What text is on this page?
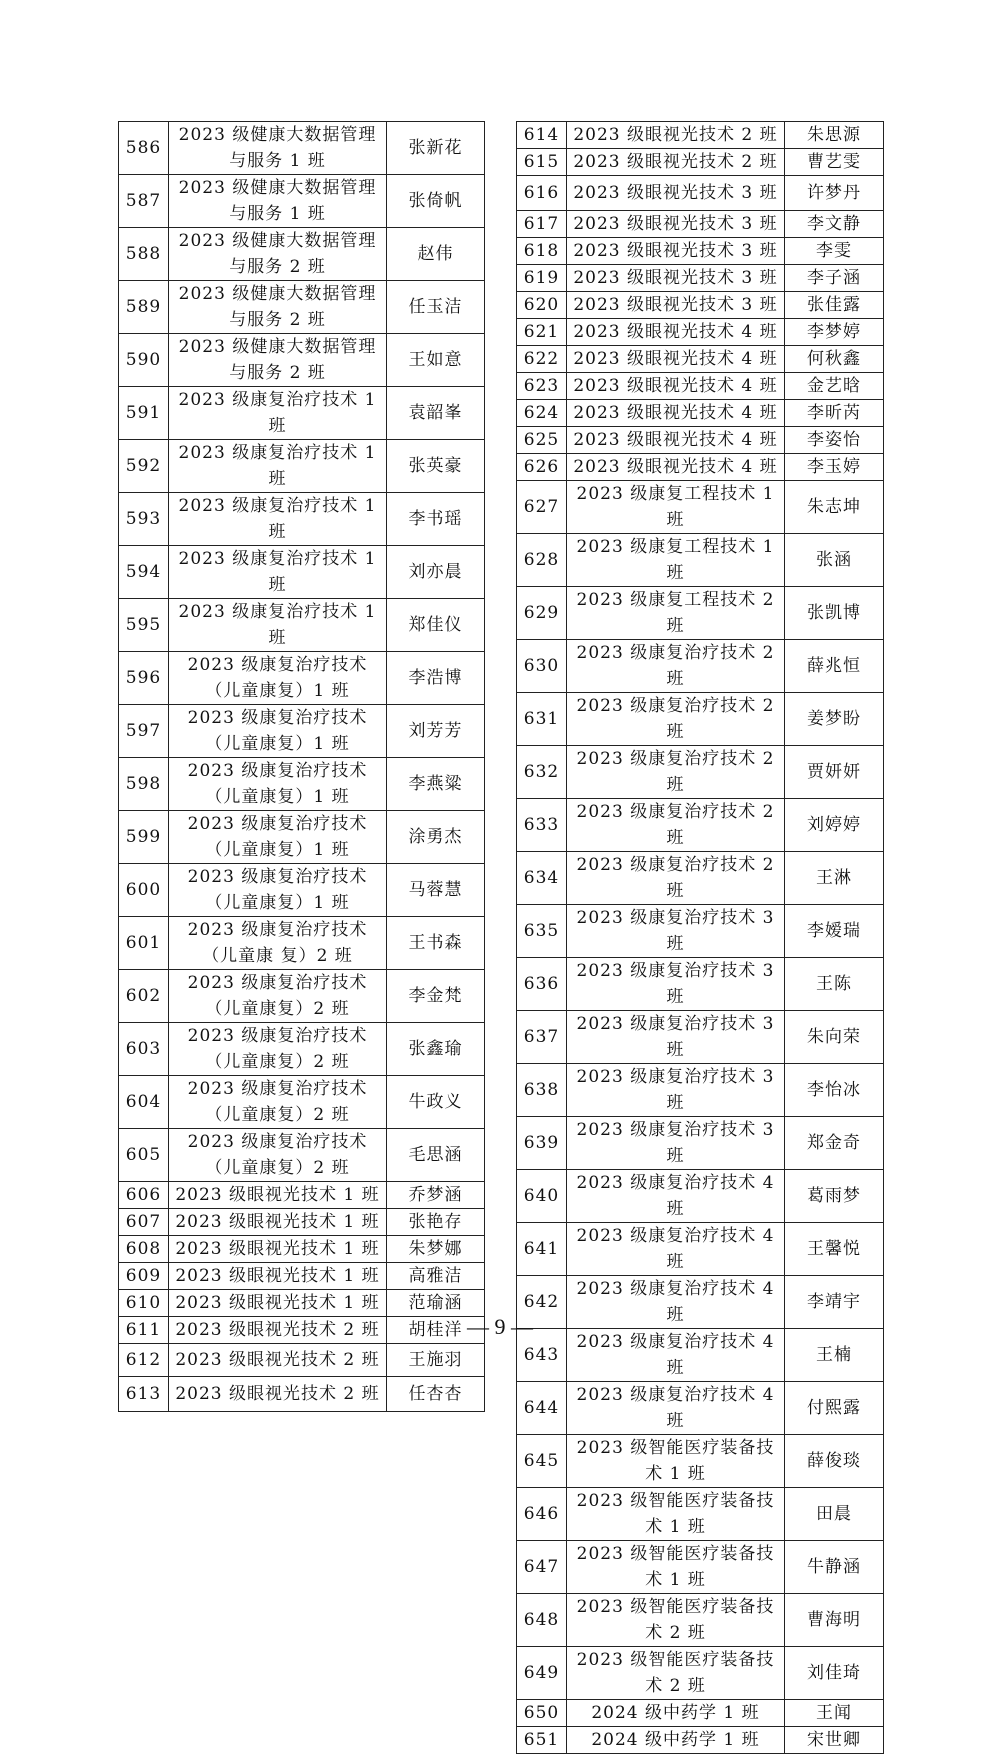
586	2023 级健康大数据管理与服务 1 班	张新花
587	2023 级健康大数据管理与服务 1 班	张倚帆
588	2023 级健康大数据管理与服务 2 班	赵伟
589	2023 级健康大数据管理与服务 2 班	任玉洁
590	2023 级健康大数据管理与服务 2 班	王如意
591	2023 级康复治疗技术 1 班	袁韶峯
592	2023 级康复治疗技术 1 班	张英豪
593	2023 级康复治疗技术 1 班	李书瑶
594	2023 级康复治疗技术 1 班	刘亦晨
595	2023 级康复治疗技术 1 班	郑佳仪
596	2023 级康复治疗技术（儿童康复）1 班	李浩博
597	2023 级康复治疗技术（儿童康复）1 班	刘芳芳
598	2023 级康复治疗技术（儿童康复）1 班	李燕粱
599	2023 级康复治疗技术（儿童康复）1 班	涂勇杰
600	2023 级康复治疗技术（儿童康复）1 班	马蓉慧
601	2023 级康复治疗技术（儿童康 复）2 班	王书森
602	2023 级康复治疗技术（儿童康复）2 班	李金梵
603	2023 级康复治疗技术（儿童康复）2 班	张鑫瑜
604	2023 级康复治疗技术（儿童康复）2 班	牛政义
605	2023 级康复治疗技术（儿童康复）2 班	毛思涵
606	2023 级眼视光技术 1 班	乔梦涵
607	2023 级眼视光技术 1 班	张艳存
608	2023 级眼视光技术 1 班	朱梦娜
609	2023 级眼视光技术 1 班	高雅洁
610	2023 级眼视光技术 1 班	范瑜涵
611	2023 级眼视光技术 2 班	胡桂洋
612	2023 级眼视光技术 2 班	王施羽
613	2023 级眼视光技术 2 班	任杏杏
614	2023 级眼视光技术 2 班	朱思源
615	2023 级眼视光技术 2 班	曹艺雯
616	2023 级眼视光技术 3 班	许梦丹
617	2023 级眼视光技术 3 班	李文静
618	2023 级眼视光技术 3 班	李雯
619	2023 级眼视光技术 3 班	李子涵
620	2023 级眼视光技术 3 班	张佳露
621	2023 级眼视光技术 4 班	李梦婷
622	2023 级眼视光技术 4 班	何秋鑫
623	2023 级眼视光技术 4 班	金艺晗
624	2023 级眼视光技术 4 班	李昕芮
625	2023 级眼视光技术 4 班	李姿怡
626	2023 级眼视光技术 4 班	李玉婷
627	2023 级康复工程技术 1 班	朱志坤
628	2023 级康复工程技术 1 班	张涵
629	2023 级康复工程技术 2 班	张凯博
630	2023 级康复治疗技术 2 班	薛兆恒
631	2023 级康复治疗技术 2 班	姜梦盼
632	2023 级康复治疗技术 2 班	贾妍妍
633	2023 级康复治疗技术 2 班	刘婷婷
634	2023 级康复治疗技术 2 班	王淋
635	2023 级康复治疗技术 3 班	李嫒瑞
636	2023 级康复治疗技术 3 班	王陈
637	2023 级康复治疗技术 3 班	朱向荣
638	2023 级康复治疗技术 3 班	李怡冰
639	2023 级康复治疗技术 3 班	郑金奇
640	2023 级康复治疗技术 4 班	葛雨梦
641	2023 级康复治疗技术 4 班	王馨悦
642	2023 级康复治疗技术 4 班	李靖宇
643	2023 级康复治疗技术 4 班	王楠
644	2023 级康复治疗技术 4 班	付熙露
645	2023 级智能医疗装备技术 1 班	薛俊琰
646	2023 级智能医疗装备技术 1 班	田晨
647	2023 级智能医疗装备技术 1 班	牛静涵
648	2023 级智能医疗装备技术 2 班	曹海明
649	2023 级智能医疗装备技术 2 班	刘佳琦
650	2024 级中药学 1 班	王闻
651	2024 级中药学 1 班	宋世卿
— 9 —
